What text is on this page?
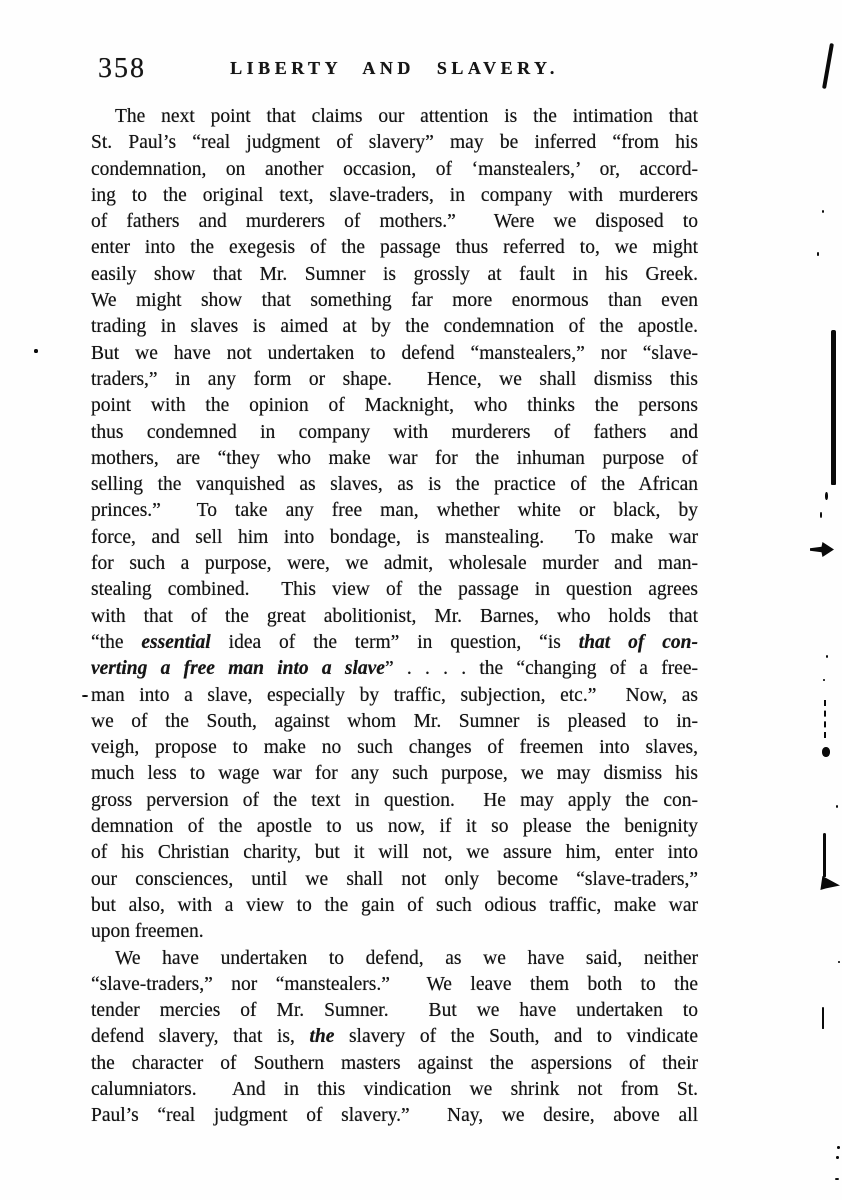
358	LIBERTY AND SLAVERY.
The next point that claims our attention is the intimation that
St. Paul’s “real judgment of slavery” may be inferred “from his
condemnation, on another occasion, of ‘manstealers,’ or, accord-
ing to the original text, slave-traders, in company with murderers
of fathers and murderers of mothers.”  Were we disposed to
enter into the exegesis of the passage thus referred to, we might
easily show that Mr. Sumner is grossly at fault in his Greek.
We might show that something far more enormous than even
trading in slaves is aimed at by the condemnation of the apostle.
But we have not undertaken to defend “manstealers,” nor “slave-
traders,” in any form or shape.  Hence, we shall dismiss this
point with the opinion of Macknight, who thinks the persons
thus condemned in company with murderers of fathers and
mothers, are “they who make war for the inhuman purpose of
selling the vanquished as slaves, as is the practice of the African
princes.”  To take any free man, whether white or black, by
force, and sell him into bondage, is manstealing.  To make war
for such a purpose, were, we admit, wholesale murder and man-
stealing combined.  This view of the passage in question agrees
with that of the great abolitionist, Mr. Barnes, who holds that
“the essential idea of the term” in question, “is that of con-
verting a free man into a slave” . . . . the “changing of a free-
man into a slave, especially by traffic, subjection, etc.”  Now, as
we of the South, against whom Mr. Sumner is pleased to in-
veigh, propose to make no such changes of freemen into slaves,
much less to wage war for any such purpose, we may dismiss his
gross perversion of the text in question.  He may apply the con-
demnation of the apostle to us now, if it so please the benignity
of his Christian charity, but it will not, we assure him, enter into
our consciences, until we shall not only become “slave-traders,”
but also, with a view to the gain of such odious traffic, make war
upon freemen.
We have undertaken to defend, as we have said, neither
“slave-traders,” nor “manstealers.”  We leave them both to the
tender mercies of Mr. Sumner.  But we have undertaken to
defend slavery, that is, the slavery of the South, and to vindicate
the character of Southern masters against the aspersions of their
calumniators.  And in this vindication we shrink not from St.
Paul’s “real judgment of slavery.”  Nay, we desire, above all
